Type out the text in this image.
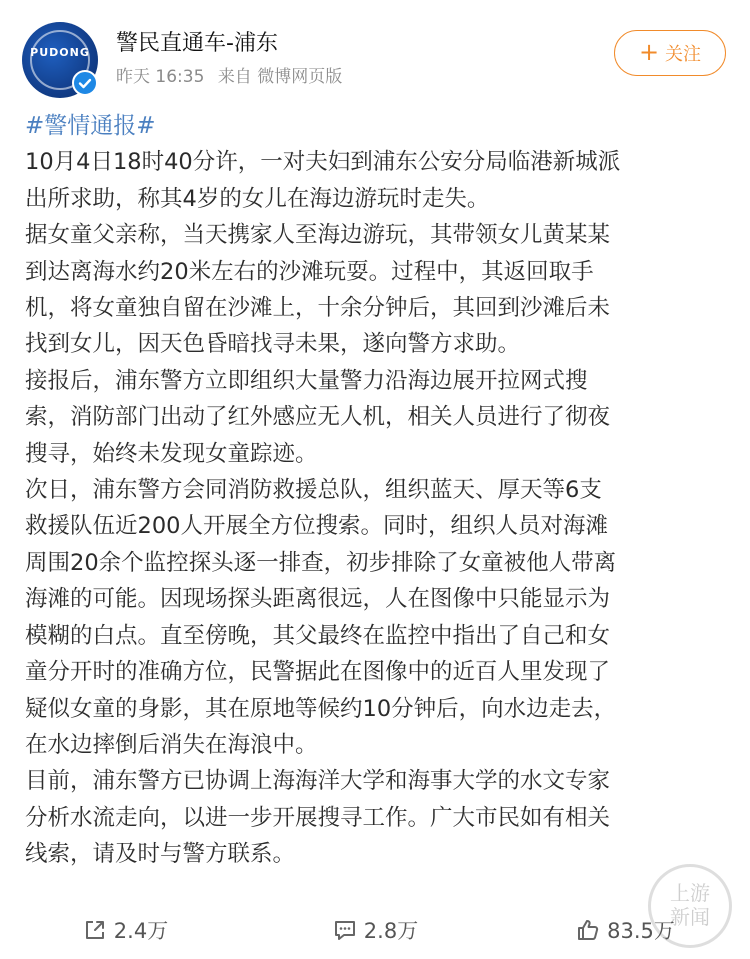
PUDONG	警民直通车-浦东
昨天 16:35 来自 微博网页版
+ 关注
#警情通报#

10月4日18时40分许，一对夫妇到浦东公安分局临港新城派
出所求助，称其4岁的女儿在海边游玩时走失。

据女童父亲称，当天携家人至海边游玩，其带领女儿黄某某
到达离海水约20米左右的沙滩玩耍。过程中，其返回取手
机，将女童独自留在沙滩上，十余分钟后，其回到沙滩后未
找到女儿，因天色昏暗找寻未果，遂向警方求助。

接报后，浦东警方立即组织大量警力沿海边展开拉网式搜
索，消防部门出动了红外感应无人机，相关人员进行了彻夜
搜寻，始终未发现女童踪迹。

次日，浦东警方会同消防救援总队，组织蓝天、厚天等6支
救援队伍近200人开展全方位搜索。同时，组织人员对海滩
周围20余个监控探头逐一排查，初步排除了女童被他人带离
海滩的可能。因现场探头距离很远，人在图像中只能显示为
模糊的白点。直至傍晚，其父最终在监控中指出了自己和女
童分开时的准确方位，民警据此在图像中的近百人里发现了
疑似女童的身影，其在原地等候约10分钟后，向水边走去，
在水边摔倒后消失在海浪中。

目前，浦东警方已协调上海海洋大学和海事大学的水文专家
分析水流走向，以进一步开展搜寻工作。广大市民如有相关
线索，请及时与警方联系。

上游
新闻
2.4万	2.8万	83.5万
